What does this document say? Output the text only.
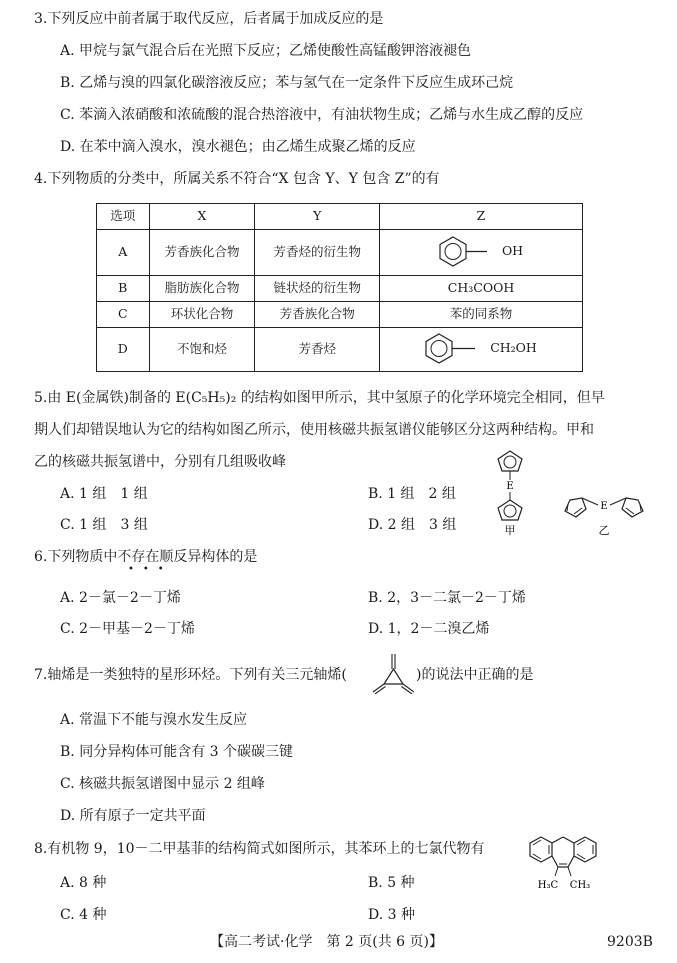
3.下列反应中前者属于取代反应，后者属于加成反应的是
A. 甲烷与氯气混合后在光照下反应；乙烯使酸性高锰酸钾溶液褪色
B. 乙烯与溴的四氯化碳溶液反应；苯与氢气在一定条件下反应生成环己烷
C. 苯滴入浓硝酸和浓硫酸的混合热溶液中，有油状物生成；乙烯与水生成乙醇的反应
D. 在苯中滴入溴水，溴水褪色；由乙烯生成聚乙烯的反应
4.下列物质的分类中，所属关系不符合“X 包含 Y、Y 包含 Z”的有
选项	X	Y	Z
A	芳香族化合物	芳香烃的衍生物	OH

B	脂肪族化合物	链状烃的衍生物	CH₃COOH
C	环状化合物	芳香族化合物	苯的同系物
D	不饱和烃	芳香烃	CH₂OH
5.由 E(金属铁)制备的 E(C₅H₅)₂ 的结构如图甲所示，其中氢原子的化学环境完全相同，但早
期人们却错误地认为它的结构如图乙所示，使用核磁共振氢谱仪能够区分这两种结构。甲和
乙的核磁共振氢谱中，分别有几组吸收峰
A. 1 组　1 组	B. 1 组　2 组
C. 1 组　3 组	D. 2 组　3 组
E
甲
E
乙
6.下列物质中不存在顺反异构体的是
•••
A. 2－氯－2－丁烯	B. 2，3－二氯－2－丁烯
C. 2－甲基－2－丁烯	D. 1，2－二溴乙烯
7.轴烯是一类独特的星形环烃。下列有关三元轴烯(	)的说法中正确的是
A. 常温下不能与溴水发生反应
B. 同分异构体可能含有 3 个碳碳三键
C. 核磁共振氢谱图中显示 2 组峰
D. 所有原子一定共平面
8.有机物 9，10－二甲基菲的结构简式如图所示，其苯环上的七氯代物有
A. 8 种	B. 5 种
C. 4 种	D. 3 种
H₃C CH₃
【高二考试·化学　第 2 页(共 6 页)】	9203B
